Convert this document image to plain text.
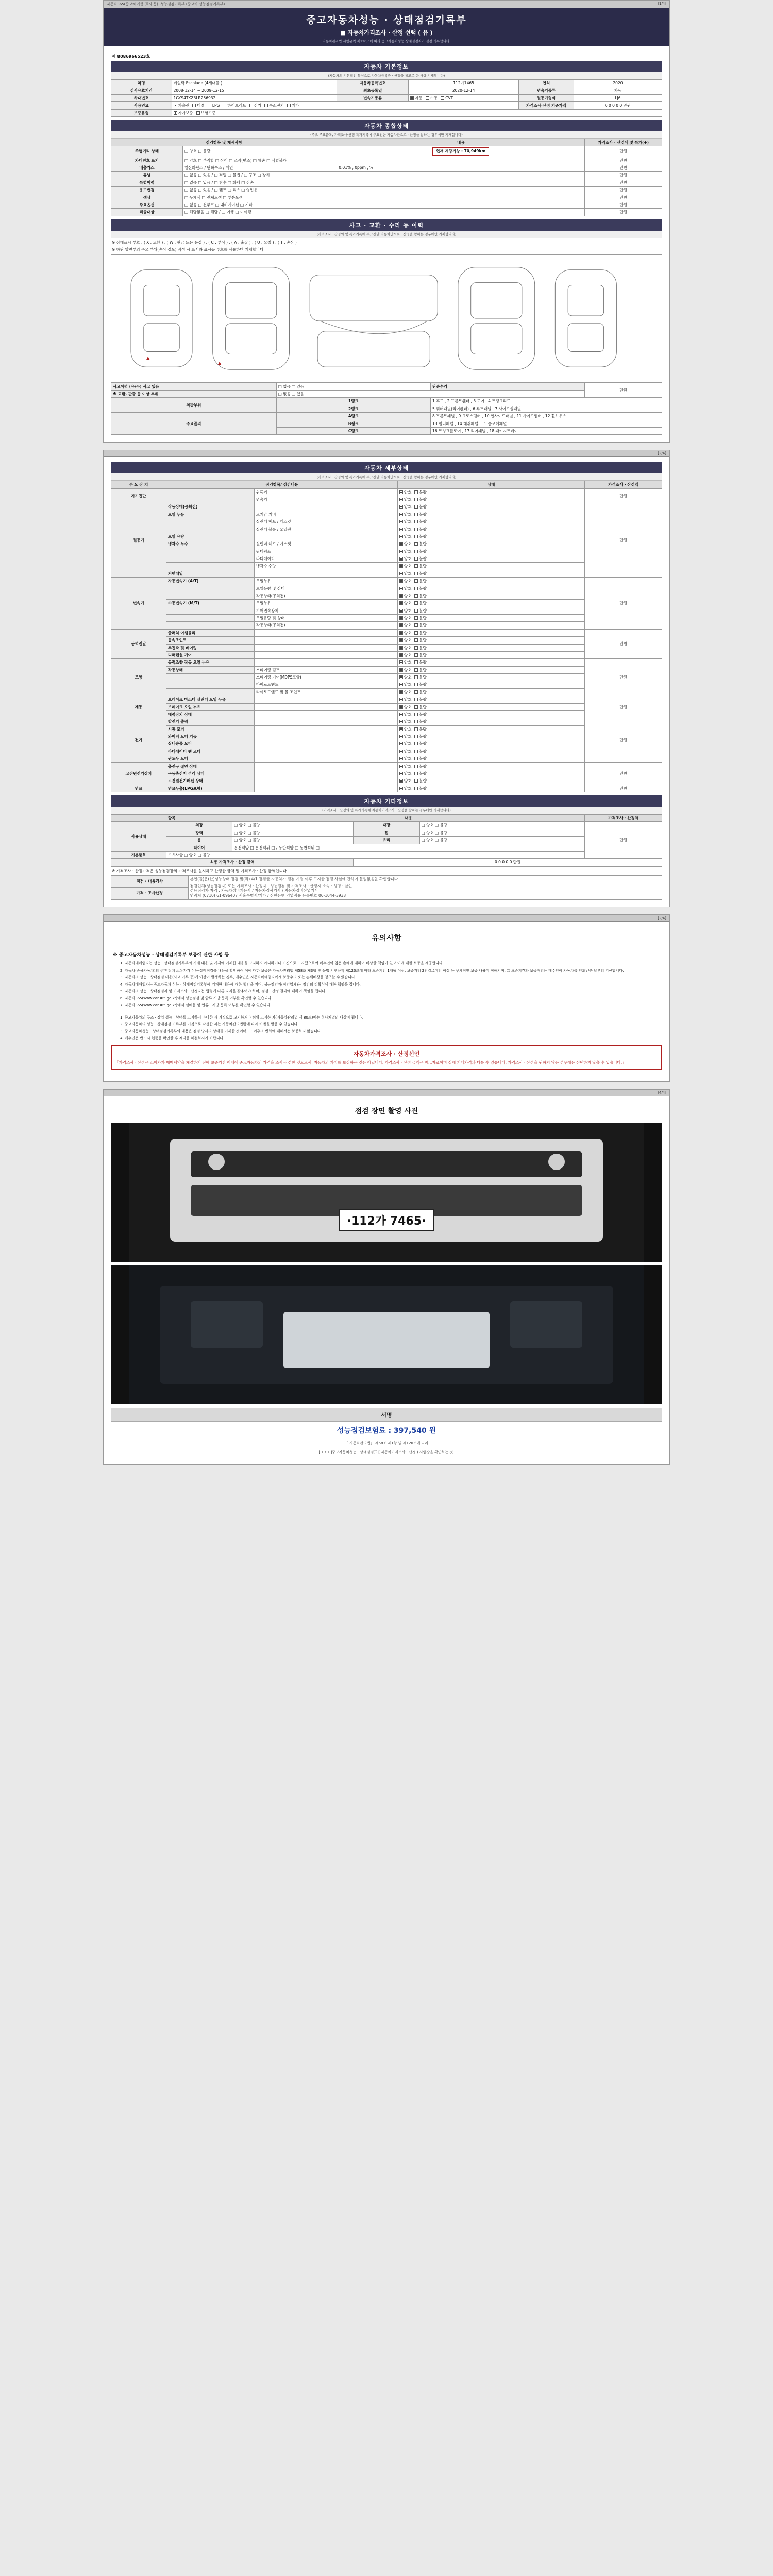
자동차365(중고차 사용 표시 등)· 성능점검기록부 (중고차 성능점검기록부)	[1/4]
중고자동차성능 · 상태점검기록부
■ 자동차가격조사 · 산정 선택 ( 유 )
자동차관리법 시행규칙 제120조에 따라 중고자동차성능·상태점검자가 점검·기록합니다.
제 8086966523호
자동차 기본정보
(자동차의 기본적인 특성으로 자동차등록증 · 산정을 참고로 한 사항 기재합니다)
차명	베일락 Escalade (4세대물 )	자동차등록번호	112가7465	연식	2020
검사유효기간	2008-12-14 ~ 2009-12-15	최초등록일	2020-12-14	변속기종류	자동
차대번호	1GYS4TKZ3LR256932	변속기종류	자동 수동 CVT	원동기형식	LJ6
사용연료	가솔린 디젤 LPG 하이브리드 전기 수소전기 기타			가격조사·산정 기준가액	0 0 0 0 0 만원
보증유형	자가보증 보험보증				
자동차 종합상태
(주요 주요품목, 가격조사·산정 특가기록에 주요진단 자동차만으로 · 산정을 참하는 경우에만 기재합니다)
점검항목 및 제시사항		내용	가격조사 · 산정에 및 특가(+)
주행거리 상태	□ 양호 □ 불량	현재 계량기상 : 70,949km	만원
차대번호 표기	□ 양호 □ 부적합 □ 상이 □ 조작(변조) □ 훼손 □ 식별불가		만원
배출가스	일산화탄소 / 탄화수소 / 매연	0.01% , 0ppm , %	만원
튜닝	□ 없음 □ 있음 / □ 적법 □ 불법 / □ 구조 □ 장치		만원
특별이력	□ 없음 □ 있음 / □ 침수 □ 화재 □ 전손		만원
용도변경	□ 없음 □ 있음 / □ 렌트 □ 리스 □ 영업용		만원
색상	□ 무채색 □ 전체도색 □ 부분도색		만원
주요옵션	□ 없음 □ 선루프 □ 내비게이션 □ 기타		만원
리콜대상	□ 해당없음 □ 해당 / □ 이행 □ 미이행		만원
사고 · 교환 · 수리 등 이력
(가격조사 · 산정의 및 특가기록에 주요진단 자동차만으로 · 산정을 참하는 경우에만 기재합니다)
※ 상태표시 부호 : ( X : 교환 ) , ( W : 판금 또는 용접 ) , ( C : 부식 ) , ( A : 흠집 ) , ( U : 요철 ) , ( T : 손상 )
※ 하단 앞면부의 주요 부위(손상 정도) 작성 시 표시와 표시등 부호를 사용하며 기재합니다
▲
▲
사고이력 (유/무) 사고 있음	□ 없음 □ 있음	단순수리	만원
※ 교환, 판금 등 이상 부위	□ 없음 □ 있음		
외판부위	1랭크	1.후드 , 2.프론트휀더 , 3.도어 , 4.트렁크리드	
	2랭크	5.쿼터패널(리어휀더) , 6.루프패널 , 7.사이드실패널	
주요골격	A랭크	8.프론트패널 , 9.크로스멤버 , 10.인사이드패널 , 11.사이드멤버 , 12.휠하우스	
	B랭크	13.필러패널 , 14.대쉬패널 , 15.플로어패널	
	C랭크	16.트렁크플로어 , 17.리어패널 , 18.패키지트레이	
[2/4]
자동차 세부상태
(가격조사 · 산정의 및 특가기록에 주요진단 자동차만으로 · 산정을 참하는 경우에만 기재합니다)
주 요 장 치	점검항목/ 점검내용		상태	가격조사 · 산정액
자기진단		원동기	양호 불량	만원
		변속기	양호 불량	
원동기	작동상태(공회전)		양호 불량	만원
	오일 누유	로커암 커버	양호 불량	
		실린더 헤드 / 개스킷	양호 불량	
		실린더 블록 / 오일팬	양호 불량	
	오일 유량		양호 불량	
	냉각수 누수	실린더 헤드 / 가스켓	양호 불량	
		워터펌프	양호 불량	
		라디에이터	양호 불량	
		냉각수 수량	양호 불량	
	커먼레일		양호 불량	
변속기	자동변속기 (A/T)	오일누유	양호 불량	만원
		오일유량 및 상태	양호 불량	
		작동상태(공회전)	양호 불량	
	수동변속기 (M/T)	오일누유	양호 불량	
		기어변속장치	양호 불량	
		오일유량 및 상태	양호 불량	
		작동상태(공회전)	양호 불량	
동력전달	클러치 어셈블리		양호 불량	만원
	등속조인트		양호 불량	
	추진축 및 베어링		양호 불량	
	디퍼렌셜 기어		양호 불량	
조향	동력조향 작동 오일 누유		양호 불량	만원
	작동상태	스티어링 펌프	양호 불량	
		스티어링 기어(MDPS포함)	양호 불량	
		타이로드엔드	양호 불량	
		타이로드엔드 및 볼 조인트	양호 불량	
제동	브레이크 마스터 실린더 오일 누유		양호 불량	만원
	브레이크 오일 누유		양호 불량	
	배력장치 상태		양호 불량	
전기	발전기 출력		양호 불량	만원
	시동 모터		양호 불량	
	와이퍼 모터 기능		양호 불량	
	실내송풍 모터		양호 불량	
	라디에이터 팬 모터		양호 불량	
	윈도우 모터		양호 불량	
고전원전기장치	충전구 절연 상태		양호 불량	만원
	구동축전지 격리 상태		양호 불량	
	고전원전기배선 상태		양호 불량	
연료	연료누출(LPG포함)		양호 불량	만원
자동차 기타정보
(가격조사 · 산정의 및 특가기록에 자동차가격조사 · 산정을 참하는 경우에만 기재합니다)
항목		내용			가격조사 · 산정액
사용상태	외장	□ 양호 □ 불량	내장	□ 양호 □ 불량	만원
	광택	□ 양호 □ 불량	휠	□ 양호 □ 불량	
	룸	□ 양호 □ 불량	유리	□ 양호 □ 불량	
	타이어	운전석앞 □ 운전석뒤 □ / 동반석앞 □ 동반석뒤 □			
기본품목	보유사항 □ 양호 □ 불량				
최종 가격조사 · 산정 금액			0 0 0 0 0 만원		
※ 가격조사 · 산정가격은 성능점검장의 가격조사를 실시하고 산정한 금액 및 가격조사 · 산정 금액입니다.
점검 · 내용검사	본인(들)은(한)성능상태 점검 및(과) 4/1 점검한 자동차가 점검 시점 이후 고지한 점검 사실에 관하여 틀림없음을 확인합니다.
점검업체(성능점검자) 또는 가격조사 · 산정자 : 성능점검 및 가격조사 · 산정자 소속 · 성명 · 날인
성능점검자 자격 : 자동차정비기능사 / 자동차검사기사 / 자동차정비산업기사
연락처 (0710) 61-096407 서울특별시/기타 / 신한은행 영업점용 등록번호 06-1044-3933

가격 · 조사산정
[2/4]
유의사항
※ 중고자동차성능 · 상태점검기록부 보증에 관한 사항 등
1. 자동차매매업자는 성능 · 상태점검기록부의 기재 내용 및 게재에 기재한 내용을 고지하지 아니하거나 거짓으로 고지했으로써 매수인이 입은 손해에 대하여 배상할 책임이 있고 이에 대한 보증을 제공합니다.
2. 자동차(승용자동차)의 주행 장치 소유자가 성능·상태점검을 내용을 확인하여 이에 대한 보증은 자동차관리법 제58조 제3항 및 동법 시행규칙 제120조에 따라 보증기간 1개월 이상, 보증거리 2천킬로미터 이상 등 구체적인 보증 내용이 정해지며, 그 보증기간과 보증거리는 매수인이 자동차를 인도받은 날부터 기산합니다.
3. 자동차의 성능 · 상태점검 내용(사고 기록 등)에 이상이 발생하는 경우, 매수인은 자동차매매업자에게 보증수리 또는 손해배상을 청구할 수 있습니다.
4. 자동차매매업자는 중고자동차 성능 · 상태점검기록부에 기재한 내용에 대한 책임을 지며, 성능점검자(점검업체)는 점검의 정확성에 대한 책임을 집니다.
5. 자동차의 성능 · 상태점검자 및 가격조사 · 산정자는 법령에 따른 자격을 갖추어야 하며, 점검 · 산정 결과에 대하여 책임을 집니다.
6. 자동차365(www.car365.go.kr)에서 성능점검 및 압류·저당 등록 여부를 확인할 수 있습니다.
7. 자동차365(www.car365.go.kr)에서 실매물 및 압류 · 저당 등록 여부를 확인할 수 있습니다.
1. 중고자동차의 구조 · 장치 성능 · 상태를 고지하지 아니한 자 거짓으로 고지하거나 허위 고지한 자(자동차관리법 제 80조)에는 형사처벌의 대상이 됩니다.
2. 중고자동차의 성능 · 상태점검 기록부를 거짓으로 작성한 자는 자동차관리법령에 따라 처벌을 받을 수 있습니다.
3. 중고자동차성능 · 상태점검기록부의 내용은 점검 당시의 상태를 기재한 것이며, 그 이후의 변화에 대해서는 보증하지 않습니다.
4. 매수인은 반드시 현품을 확인한 후 계약을 체결하시기 바랍니다.
자동차가격조사 · 산정선언
「가격조사 · 산정은 소비자가 매매계약을 체결하기 전에 보증기간 이내에 중고자동차의 가격을 조사·산정한 것으로서, 자동차의 가치를 보장하는 것은 아닙니다. 가격조사 · 산정 금액은 참고자료이며 실제 거래가격과 다를 수 있습니다. 가격조사 · 산정을 원하지 않는 경우에는 선택하지 않을 수 있습니다.」
[4/4]
점검 장면 촬영 사진
·112가 7465·
서명
성능점검보험료 : 397,540 원
「 자동차관리법」 제58조 제1항 및 제120조에 따라
[ 1 / 1 ]중고자동차성능 · 상태점검표 [ 자동차가격조사 · 산정 ) 사업장을 확인하는 것.
